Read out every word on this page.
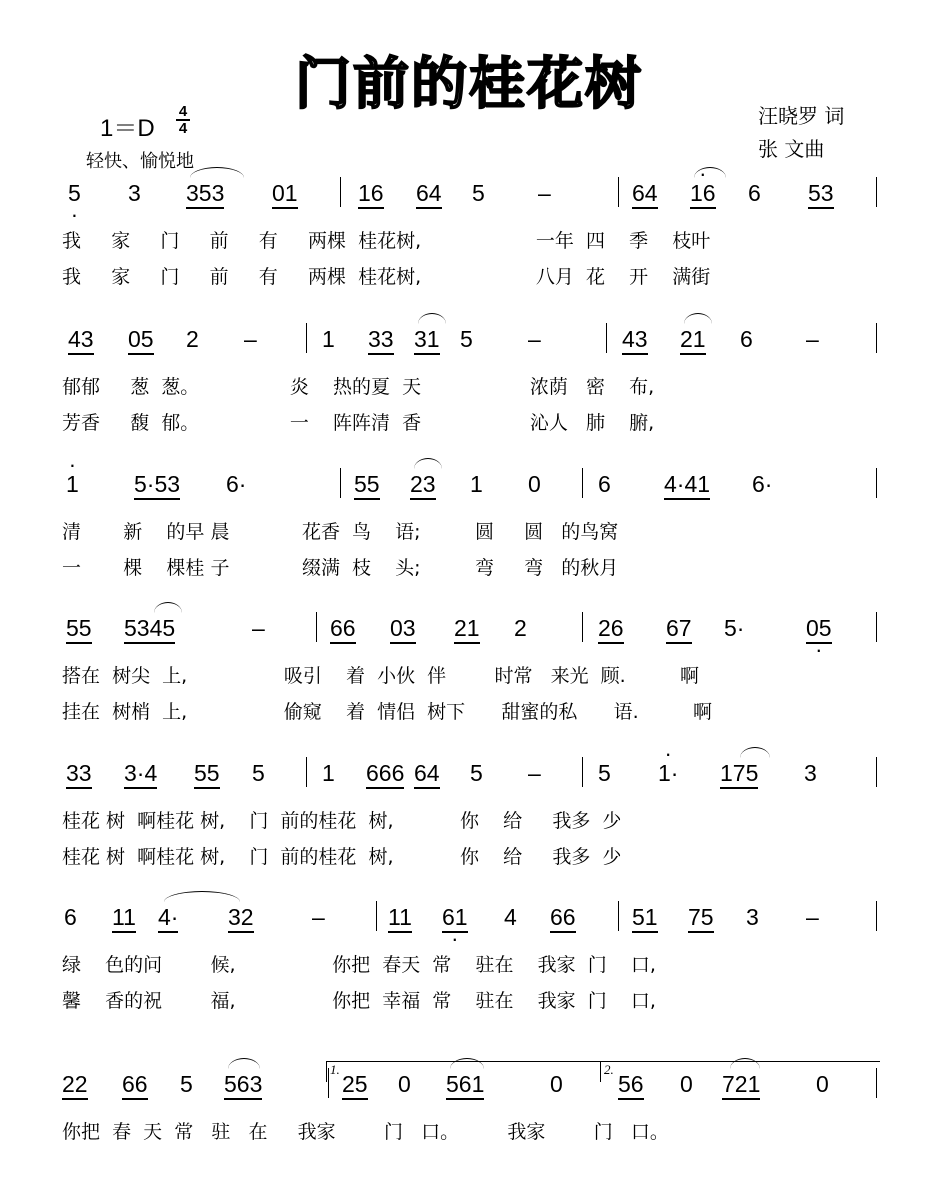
门前的桂花树
1＝D
4
4
轻快、愉悦地
汪晓罗 词
张 文曲
5 · 3 353 01	16 64 5 –	64 · 16 6 53
我     家     门     前     有     两棵  桂花树,                   一年  四    季    枝叶
我     家     门     前     有     两棵  桂花树,                   八月  花    开    满街
43 05 2 –	1 33 31 5 –	43 21 6 –
郁郁     葱  葱。               炎    热的夏  天                  浓荫   密    布,
芳香     馥  郁。               一    阵阵清  香                  沁人   肺    腑,
· 1 5·53 6·	55 23 1 0 6 4·41 6·
清       新    的早 晨            花香  鸟    语;         圆     圆   的鸟窝
一       棵    棵桂 子            缀满  枝    头;         弯     弯   的秋月
55 5345	–	66 03 21 2	26 67 5·	05 ·
搭在  树尖  上,                吸引    着  小伙  伴        时常   来光  顾.         啊
挂在  树梢  上,                偷窥    着  情侣  树下      甜蜜的私      语.         啊
33 3·4 55 5 1 666 64 5 – 5 · 1· 175 3
桂花 树  啊桂花 树,    门  前的桂花  树,           你    给     我多  少
桂花 树  啊桂花 树,    门  前的桂花  树,           你    给     我多  少
6 11 4· 32	–	11 61 · 4 66 51 75 3 –
绿    色的问        候,                你把  春天  常    驻在    我家  门    口,
馨    香的祝        福,                你把  幸福  常    驻在    我家  门    口,
22 66 5 563	25 0 561	0 56 0 721 0
你把  春  天  常   驻   在     我家        门   口。        我家        门   口。
1.	2.
